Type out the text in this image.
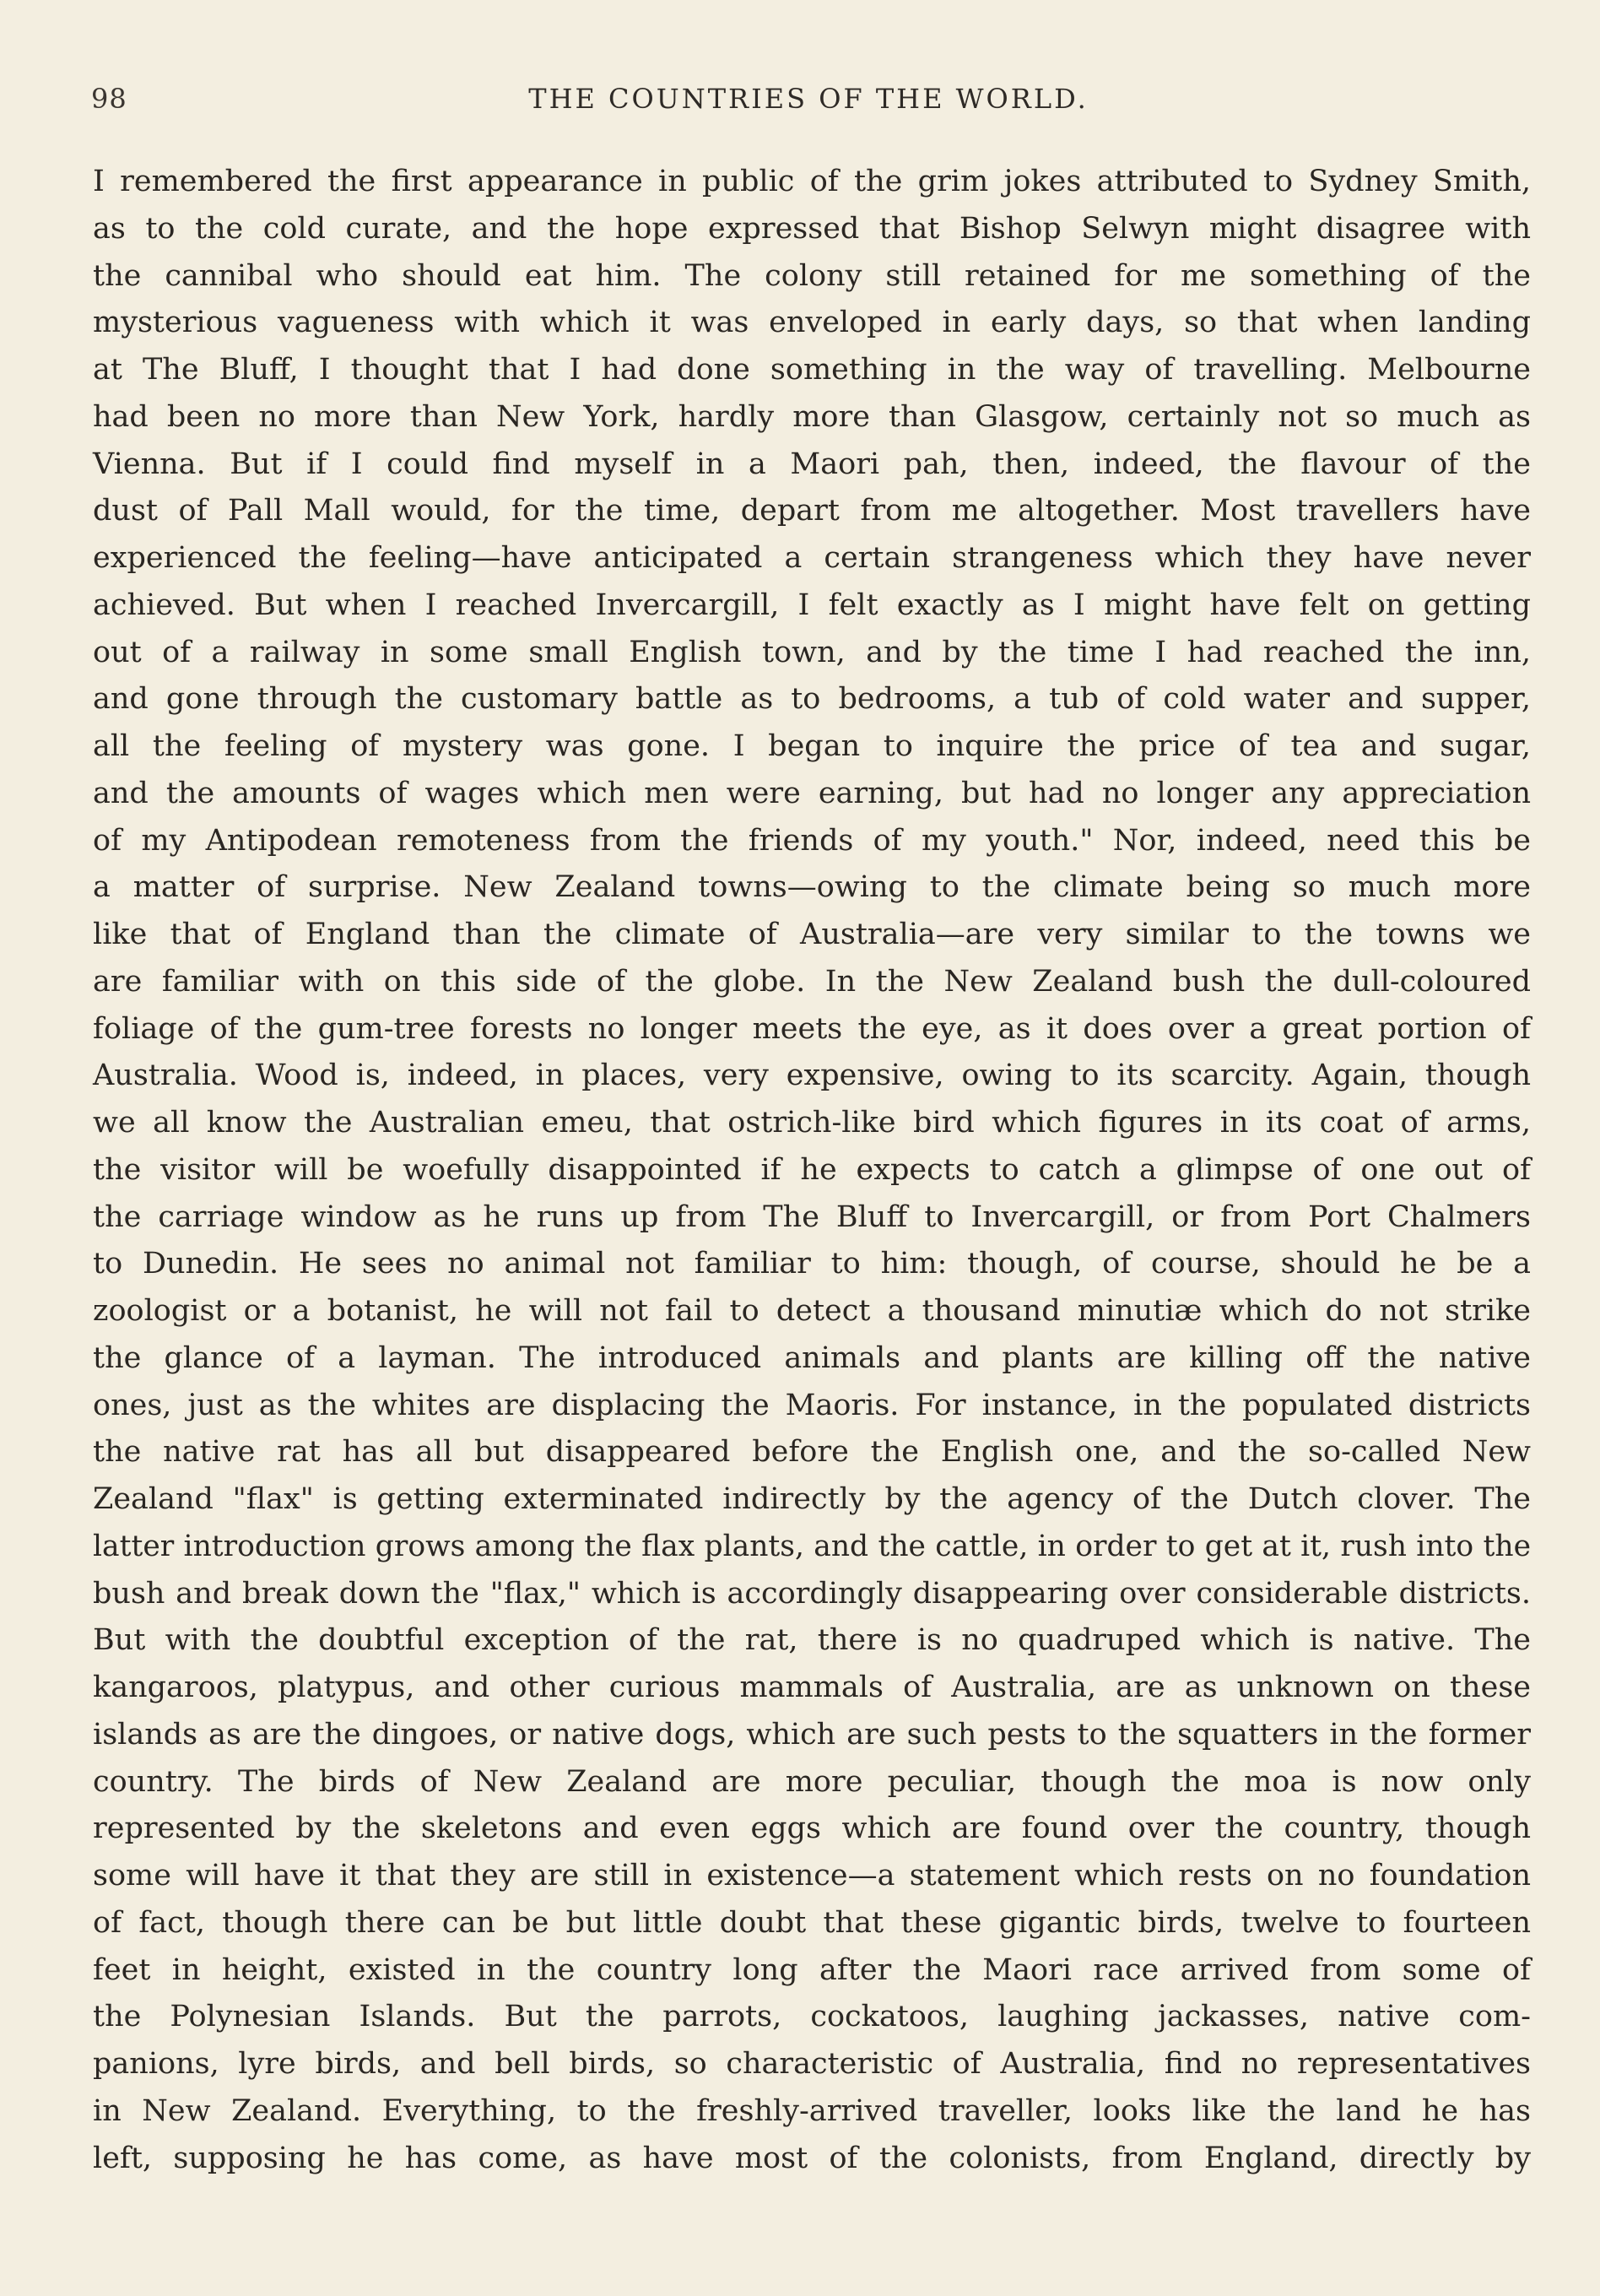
98	THE COUNTRIES OF THE WORLD.
I remembered the first appearance in public of the grim jokes attributed to Sydney Smith,
as to the cold curate, and the hope expressed that Bishop Selwyn might disagree with
the cannibal who should eat him. The colony still retained for me something of the
mysterious vagueness with which it was enveloped in early days, so that when landing
at The Bluff, I thought that I had done something in the way of travelling. Melbourne
had been no more than New York, hardly more than Glasgow, certainly not so much as
Vienna. But if I could find myself in a Maori pah, then, indeed, the flavour of the
dust of Pall Mall would, for the time, depart from me altogether. Most travellers have
experienced the feeling—have anticipated a certain strangeness which they have never
achieved. But when I reached Invercargill, I felt exactly as I might have felt on getting
out of a railway in some small English town, and by the time I had reached the inn,
and gone through the customary battle as to bedrooms, a tub of cold water and supper,
all the feeling of mystery was gone. I began to inquire the price of tea and sugar,
and the amounts of wages which men were earning, but had no longer any appreciation
of my Antipodean remoteness from the friends of my youth." Nor, indeed, need this be
a matter of surprise. New Zealand towns—owing to the climate being so much more
like that of England than the climate of Australia—are very similar to the towns we
are familiar with on this side of the globe. In the New Zealand bush the dull-coloured
foliage of the gum-tree forests no longer meets the eye, as it does over a great portion of
Australia. Wood is, indeed, in places, very expensive, owing to its scarcity. Again, though
we all know the Australian emeu, that ostrich-like bird which figures in its coat of arms,
the visitor will be woefully disappointed if he expects to catch a glimpse of one out of
the carriage window as he runs up from The Bluff to Invercargill, or from Port Chalmers
to Dunedin. He sees no animal not familiar to him: though, of course, should he be a
zoologist or a botanist, he will not fail to detect a thousand minutiæ which do not strike
the glance of a layman. The introduced animals and plants are killing off the native
ones, just as the whites are displacing the Maoris. For instance, in the populated districts
the native rat has all but disappeared before the English one, and the so-called New
Zealand "flax" is getting exterminated indirectly by the agency of the Dutch clover. The
latter introduction grows among the flax plants, and the cattle, in order to get at it, rush into the
bush and break down the "flax," which is accordingly disappearing over considerable districts.
But with the doubtful exception of the rat, there is no quadruped which is native. The
kangaroos, platypus, and other curious mammals of Australia, are as unknown on these
islands as are the dingoes, or native dogs, which are such pests to the squatters in the former
country. The birds of New Zealand are more peculiar, though the moa is now only
represented by the skeletons and even eggs which are found over the country, though
some will have it that they are still in existence—a statement which rests on no foundation
of fact, though there can be but little doubt that these gigantic birds, twelve to fourteen
feet in height, existed in the country long after the Maori race arrived from some of
the Polynesian Islands. But the parrots, cockatoos, laughing jackasses, native com-
panions, lyre birds, and bell birds, so characteristic of Australia, find no representatives
in New Zealand. Everything, to the freshly-arrived traveller, looks like the land he has
left, supposing he has come, as have most of the colonists, from England, directly by
